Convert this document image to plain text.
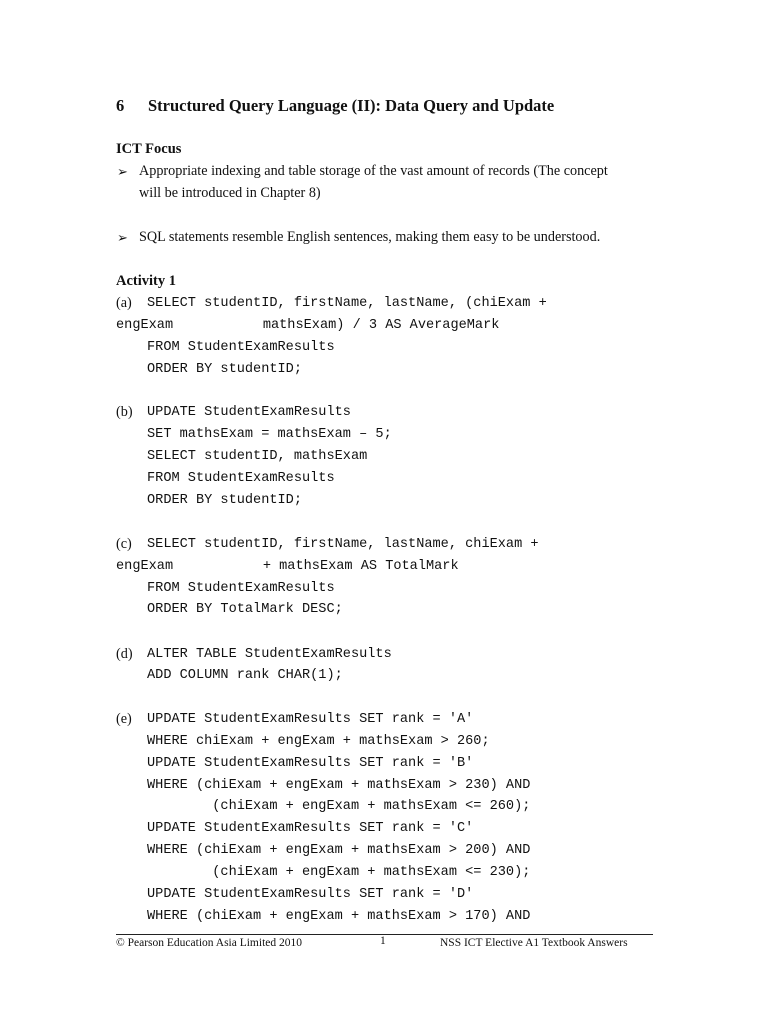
6 Structured Query Language (II): Data Query and Update
ICT Focus
➢ Appropriate indexing and table storage of the vast amount of records (The concept
will be introduced in Chapter 8)
➢ SQL statements resemble English sentences, making them easy to be understood.
Activity 1
(a) SELECT studentID, firstName, lastName, (chiExam +
engExam           mathsExam) / 3 AS AverageMark
FROM StudentExamResults
ORDER BY studentID;
(b) UPDATE StudentExamResults
SET mathsExam = mathsExam – 5;
SELECT studentID, mathsExam
FROM StudentExamResults
ORDER BY studentID;
(c) SELECT studentID, firstName, lastName, chiExam +
engExam           + mathsExam AS TotalMark
FROM StudentExamResults
ORDER BY TotalMark DESC;
(d) ALTER TABLE StudentExamResults
ADD COLUMN rank CHAR(1);
(e) UPDATE StudentExamResults SET rank = 'A'
WHERE chiExam + engExam + mathsExam > 260;
UPDATE StudentExamResults SET rank = 'B'
WHERE (chiExam + engExam + mathsExam > 230) AND
(chiExam + engExam + mathsExam <= 260);
UPDATE StudentExamResults SET rank = 'C'
WHERE (chiExam + engExam + mathsExam > 200) AND
(chiExam + engExam + mathsExam <= 230);
UPDATE StudentExamResults SET rank = 'D'
WHERE (chiExam + engExam + mathsExam > 170) AND
© Pearson Education Asia Limited 2010	1	NSS ICT Elective A1 Textbook Answers
